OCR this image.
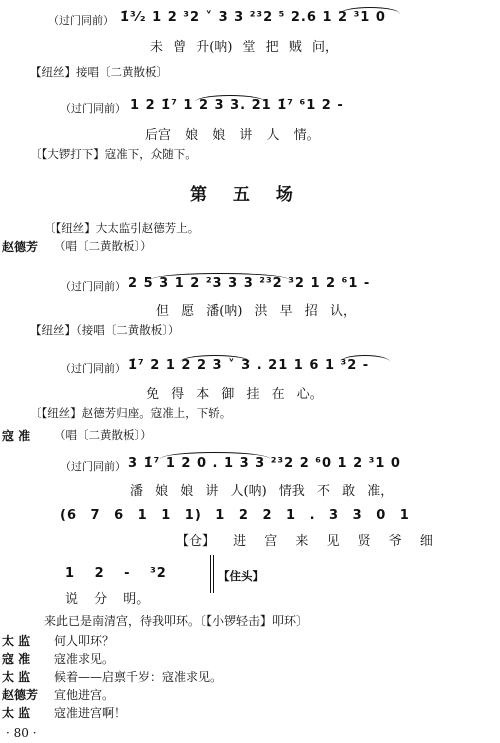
（过门同前） 1̇³⁄₂ 1 2 ³2 ˅ 3 3 ²³2 ⁵ 2.6 1 2 ³1 0
未 曾 升(呐) 堂 把 贼 问，
【纽丝】接唱〔二黄散板〕
（过门同前） 1 2 1̇⁷ 1 2 3 3. 21 1̇⁷ ⁶1 2 -
后宫 娘 娘 讲 人 情。
〔【大锣打下】寇准下，众随下。
第 五 场
〔【纽丝】大太监引赵德芳上。
赵德芳 （唱〔二黄散板〕）
（过门同前） 2 5 3 1 2 ²3 3 3 ²³2 ³2 1 2 ⁶1 -
但 愿 潘(呐) 洪 早 招 认，
【纽丝】（接唱〔二黄散板〕）
（过门同前） 1̇⁷ 2 1 2 2 3 ˅ 3 . 21 1 6 1 ³2 -
免 得 本 御 挂 在 心。
〔【纽丝】赵德芳归座。寇准上，下轿。
寇 准 （唱〔二黄散板〕）
（过门同前） 3 1̇⁷ 1 2 0 . 1 3 3 ²³2 2 ⁶0 1 2 ³1 0
潘 娘 娘 讲 人(呐) 情我 不 敢 准，
(6 7 6 1 1 1) 1 2 2 1 . 3 3 0 1
【仓】 进 宫 来 见 贤 爷 细
1 2 - ³2
说 分 明。
【住头】
来此已是南清宫，待我叩环。〔【小锣轻击】叩环〕
太 监 何人叩环？
寇 准 寇准求见。
太 监 候着——启禀千岁：寇准求见。
赵德芳 宣他进宫。
太 监 寇准进宫啊！
· 80 ·
